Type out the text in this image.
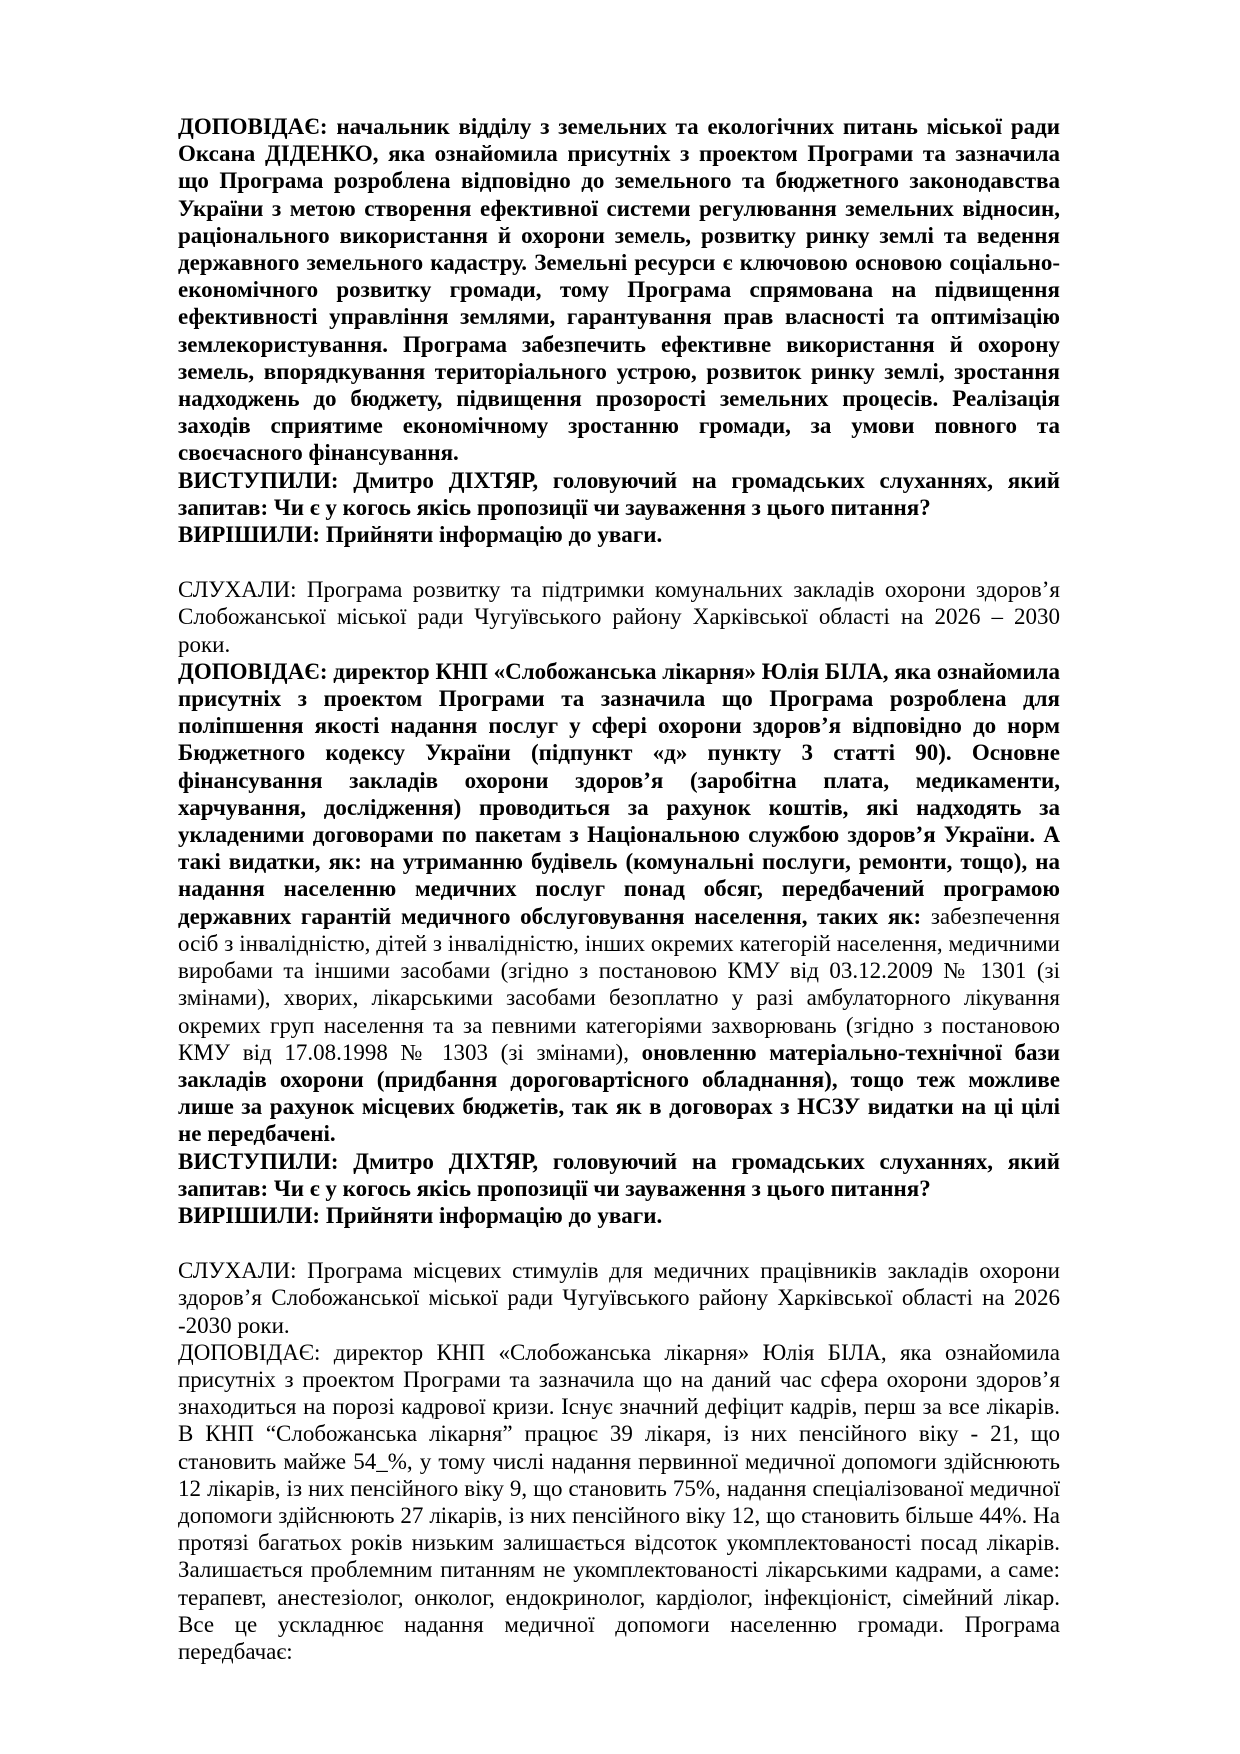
ДОПОВІДАЄ: начальник відділу з земельних та екологічних питань міської ради Оксана ДІДЕНКО, яка ознайомила присутніх з проектом Програми та зазначила що Програма розроблена відповідно до земельного та бюджетного законодавства України з метою створення ефективної системи регулювання земельних відносин, раціонального використання й охорони земель, розвитку ринку землі та ведення державного земельного кадастру. Земельні ресурси є ключовою основою соціально-економічного розвитку громади, тому Програма спрямована на підвищення ефективності управління землями, гарантування прав власності та оптимізацію землекористування. Програма забезпечить ефективне використання й охорону земель, впорядкування територіального устрою, розвиток ринку землі, зростання надходжень до бюджету, підвищення прозорості земельних процесів. Реалізація заходів сприятиме економічному зростанню громади, за умови повного та своєчасного фінансування.

ВИСТУПИЛИ: Дмитро ДІХТЯР, головуючий на громадських слуханнях, який запитав: Чи є у когось якісь пропозиції чи зауваження з цього питання?

ВИРІШИЛИ: Прийняти інформацію до уваги.

СЛУХАЛИ: Програма розвитку та підтримки комунальних закладів охорони здоров’я Слобожанської міської ради Чугуївського району Харківської області на 2026 – 2030 роки.

ДОПОВІДАЄ: директор КНП «Слобожанська лікарня» Юлія БІЛА, яка ознайомила присутніх з проектом Програми та зазначила що Програма розроблена для поліпшення якості надання послуг у сфері охорони здоров’я відповідно до норм Бюджетного кодексу України (підпункт «д» пункту 3 статті 90). Основне фінансування закладів охорони здоров’я (заробітна плата, медикаменти, харчування, дослідження) проводиться за рахунок коштів, які надходять за укладеними договорами по пакетам з Національною службою здоров’я України. А такі видатки, як: на утриманню будівель (комунальні послуги, ремонти, тощо), на надання населенню медичних послуг понад обсяг, передбачений програмою державних гарантій медичного обслуговування населення, таких як: забезпечення осіб з інвалідністю, дітей з інвалідністю, інших окремих категорій населення, медичними виробами та іншими засобами (згідно з постановою КМУ від 03.12.2009 № 1301 (зі змінами), хворих, лікарськими засобами безоплатно у разі амбулаторного лікування окремих груп населення та за певними категоріями захворювань (згідно з постановою КМУ від 17.08.1998 № 1303 (зі змінами), оновленню матеріально-технічної бази закладів охорони (придбання дороговартісного обладнання), тощо теж можливе лише за рахунок місцевих бюджетів, так як в договорах з НСЗУ видатки на ці цілі не передбачені.

ВИСТУПИЛИ: Дмитро ДІХТЯР, головуючий на громадських слуханнях, який запитав: Чи є у когось якісь пропозиції чи зауваження з цього питання?

ВИРІШИЛИ: Прийняти інформацію до уваги.

СЛУХАЛИ: Програма місцевих стимулів для медичних працівників закладів охорони здоров’я Слобожанської міської ради Чугуївського району Харківської області на 2026 -2030 роки.

ДОПОВІДАЄ: директор КНП «Слобожанська лікарня» Юлія БІЛА, яка ознайомила присутніх з проектом Програми та зазначила що на даний час сфера охорони здоров’я знаходиться на порозі кадрової кризи. Існує значний дефіцит кадрів, перш за все лікарів. В КНП “Слобожанська лікарня” працює 39 лікаря, із них пенсійного віку - 21, що становить майже 54_%, у тому числі надання первинної медичної допомоги здійснюють 12 лікарів, із них пенсійного віку 9, що становить 75%, надання спеціалізованої медичної допомоги здійснюють 27 лікарів, із них пенсійного віку 12, що становить більше 44%. На протязі багатьох років низьким залишається відсоток укомплектованості посад лікарів. Залишається проблемним питанням не укомплектованості лікарськими кадрами, а саме: терапевт, анестезіолог, онколог, ендокринолог, кардіолог, інфекціоніст, сімейний лікар. Все це ускладнює надання медичної допомоги населенню громади. Програма передбачає:
